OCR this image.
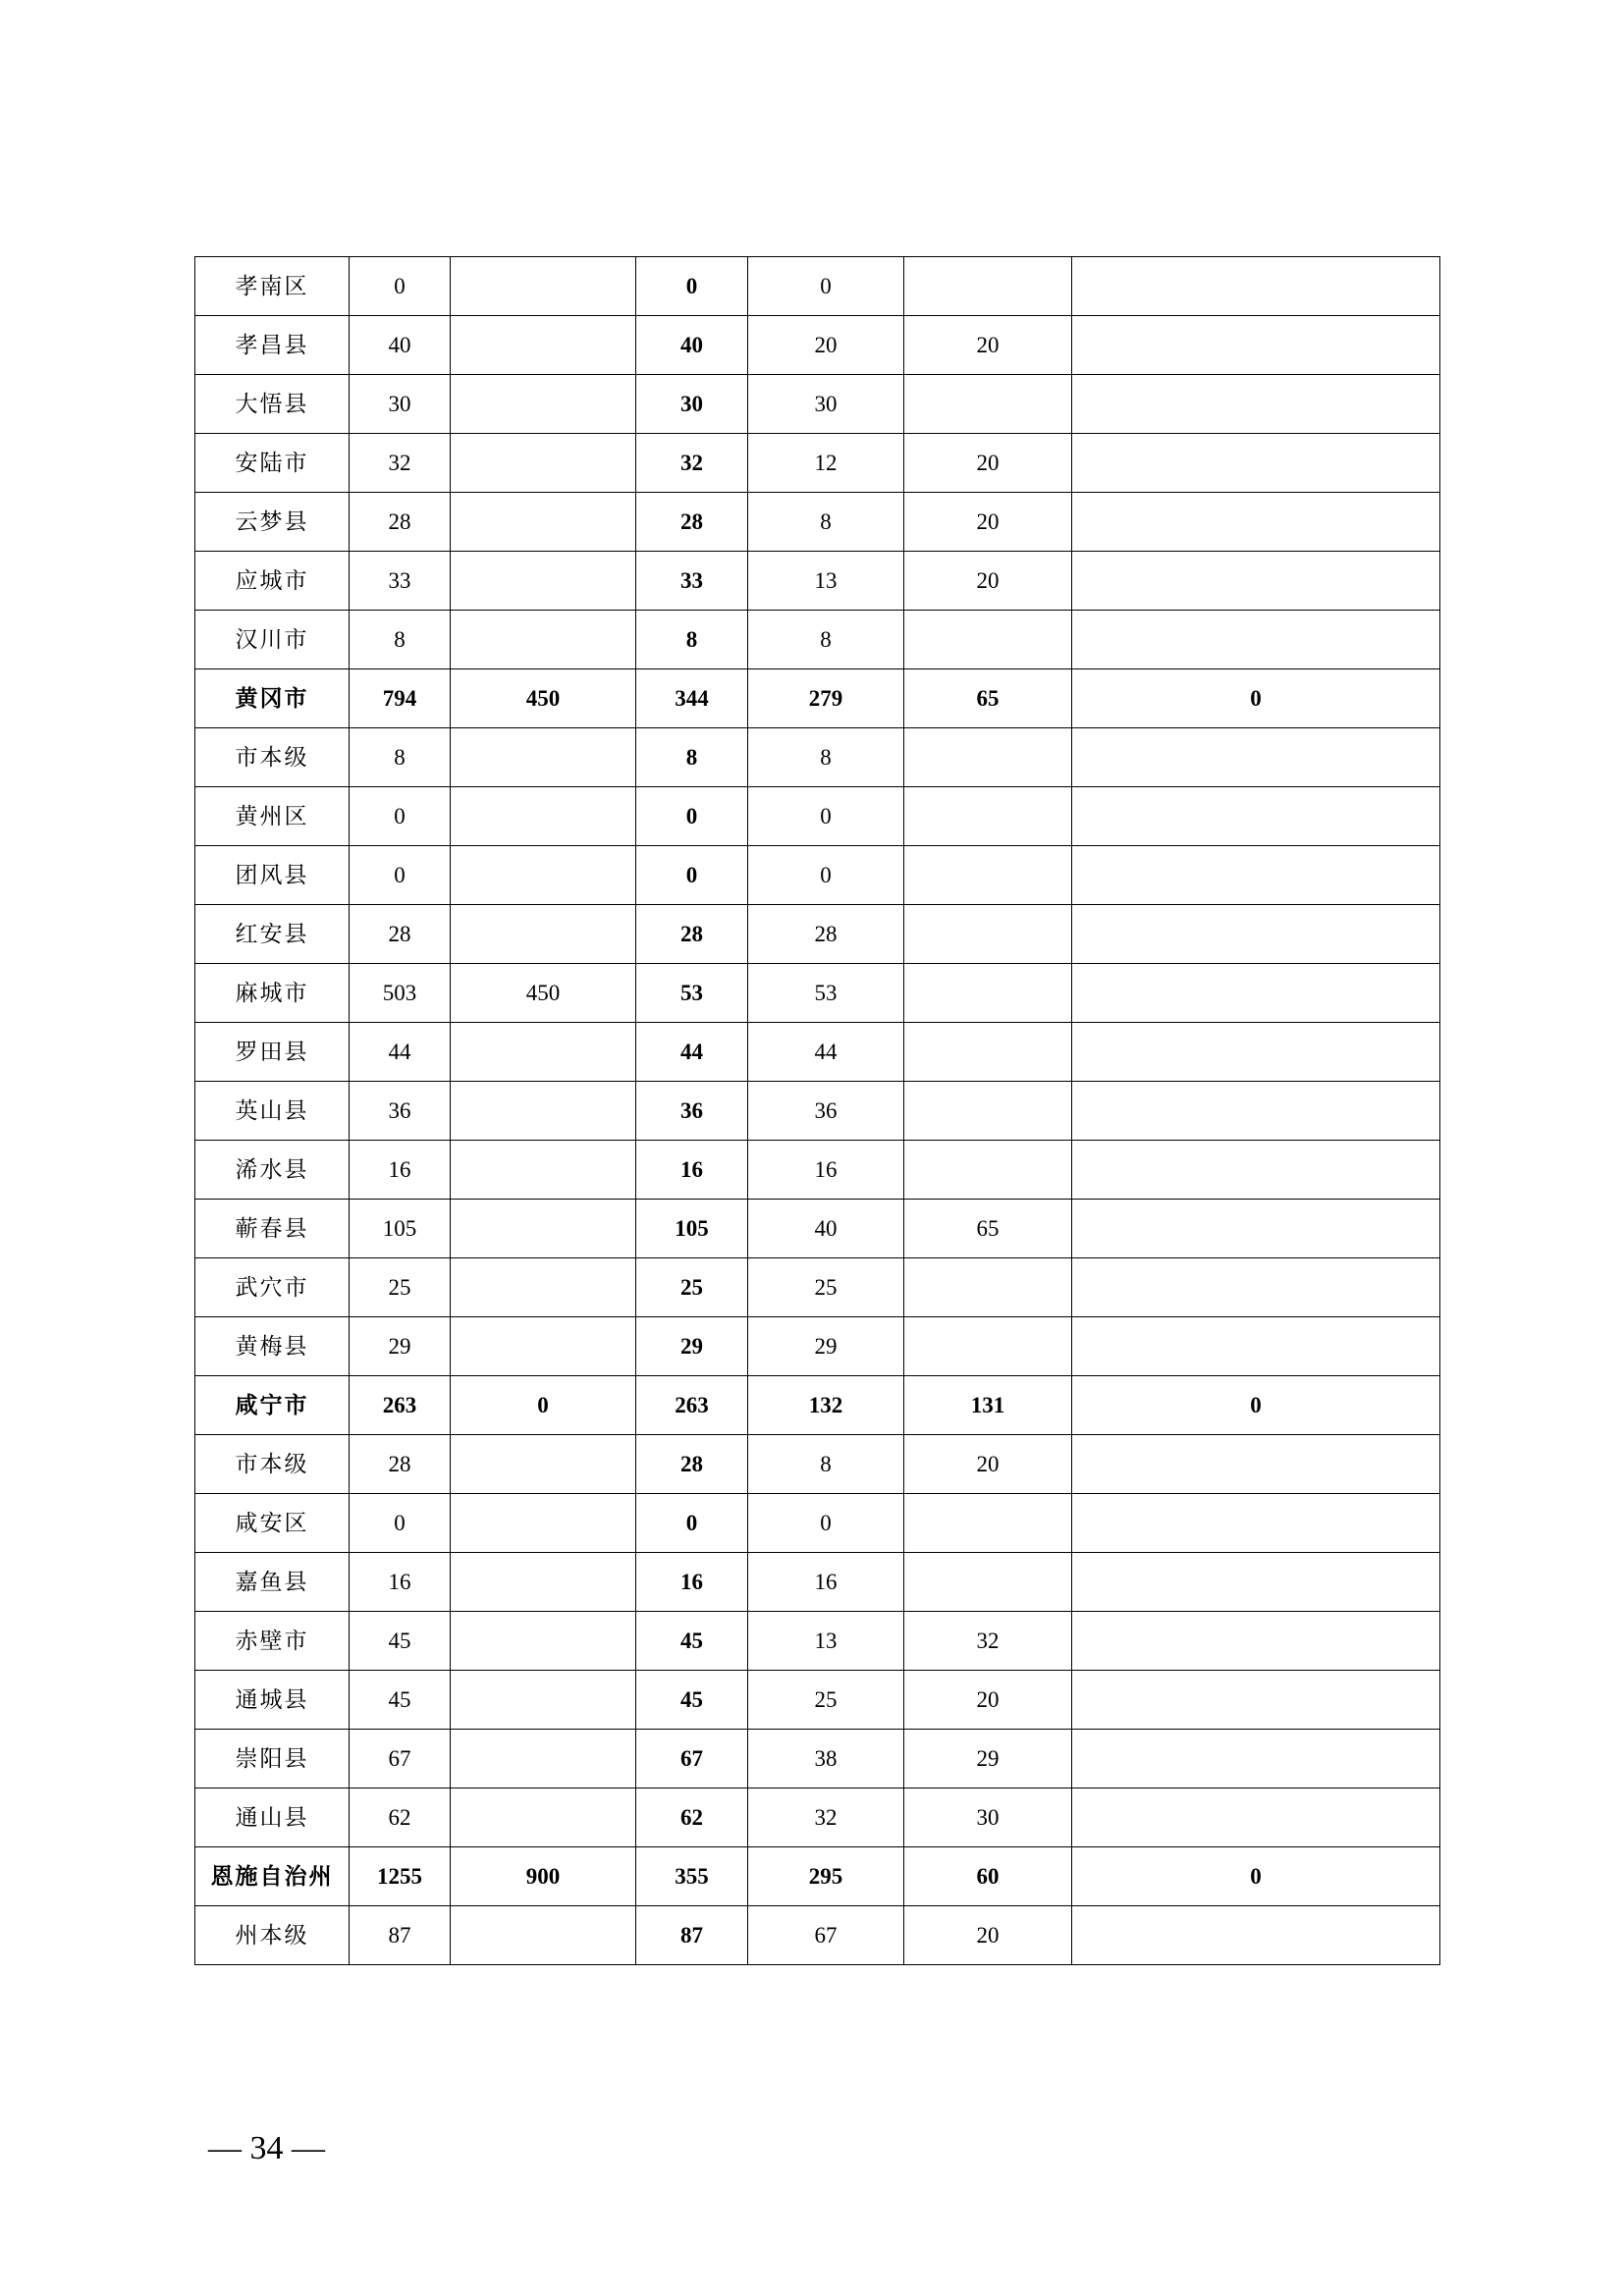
孝南区	0		0	0		
孝昌县	40		40	20	20	
大悟县	30		30	30		
安陆市	32		32	12	20	
云梦县	28		28	8	20	
应城市	33		33	13	20	
汉川市	8		8	8		
黄冈市	794	450	344	279	65	0
市本级	8		8	8		
黄州区	0		0	0		
团风县	0		0	0		
红安县	28		28	28		
麻城市	503	450	53	53		
罗田县	44		44	44		
英山县	36		36	36		
浠水县	16		16	16		
蕲春县	105		105	40	65	
武穴市	25		25	25		
黄梅县	29		29	29		
咸宁市	263	0	263	132	131	0
市本级	28		28	8	20	
咸安区	0		0	0		
嘉鱼县	16		16	16		
赤壁市	45		45	13	32	
通城县	45		45	25	20	
崇阳县	67		67	38	29	
通山县	62		62	32	30	
恩施自治州	1255	900	355	295	60	0
州本级	87		87	67	20	
— 34 —
